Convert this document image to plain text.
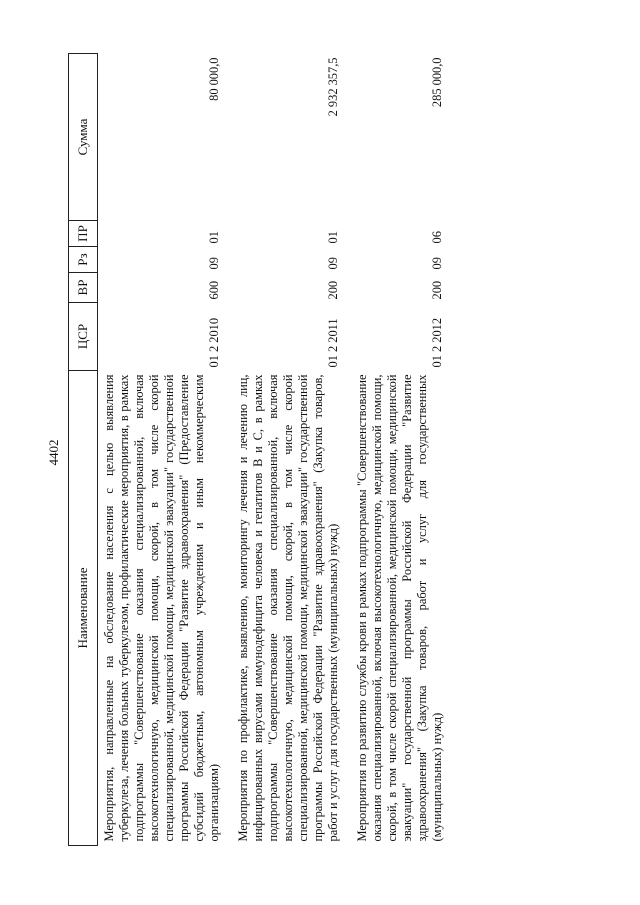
4402
Наименование	ЦСР	ВР	Рз	ПР	Сумма
Мероприятия, направленные на обследование населения с целью выявления туберкулеза, лечения больных туберкулезом, профилактические мероприятия, в рамках подпрограммы "Совершенствование оказания специализированной, включая высокотехнологичную, медицинской помощи, скорой, в том числе скорой специализированной, медицинской помощи, медицинской эвакуации" государственной программы Российской Федерации "Развитие здравоохранения" (Предоставление субсидий бюджетным, автономным учреждениям и иным некоммерческим организациям)	01 2 2010	600	09	01	80 000,0
Мероприятия по профилактике, выявлению, мониторингу лечения и лечению лиц, инфицированных вирусами иммунодефицита человека и гепатитов В и С, в рамках подпрограммы "Совершенствование оказания специализированной, включая высокотехнологичную, медицинской помощи, скорой, в том числе скорой специализированной, медицинской помощи, медицинской эвакуации" государственной программы Российской Федерации "Развитие здравоохранения" (Закупка товаров, работ и услуг для государственных (муниципальных) нужд)	01 2 2011	200	09	01	2 932 357,5
Мероприятия по развитию службы крови в рамках подпрограммы "Совершенствование оказания специализированной, включая высокотехнологичную, медицинской помощи, скорой, в том числе скорой специализированной, медицинской помощи, медицинской эвакуации" государственной программы Российской Федерации "Развитие здравоохранения" (Закупка товаров, работ и услуг для государственных (муниципальных) нужд)	01 2 2012	200	09	06	285 000,0
